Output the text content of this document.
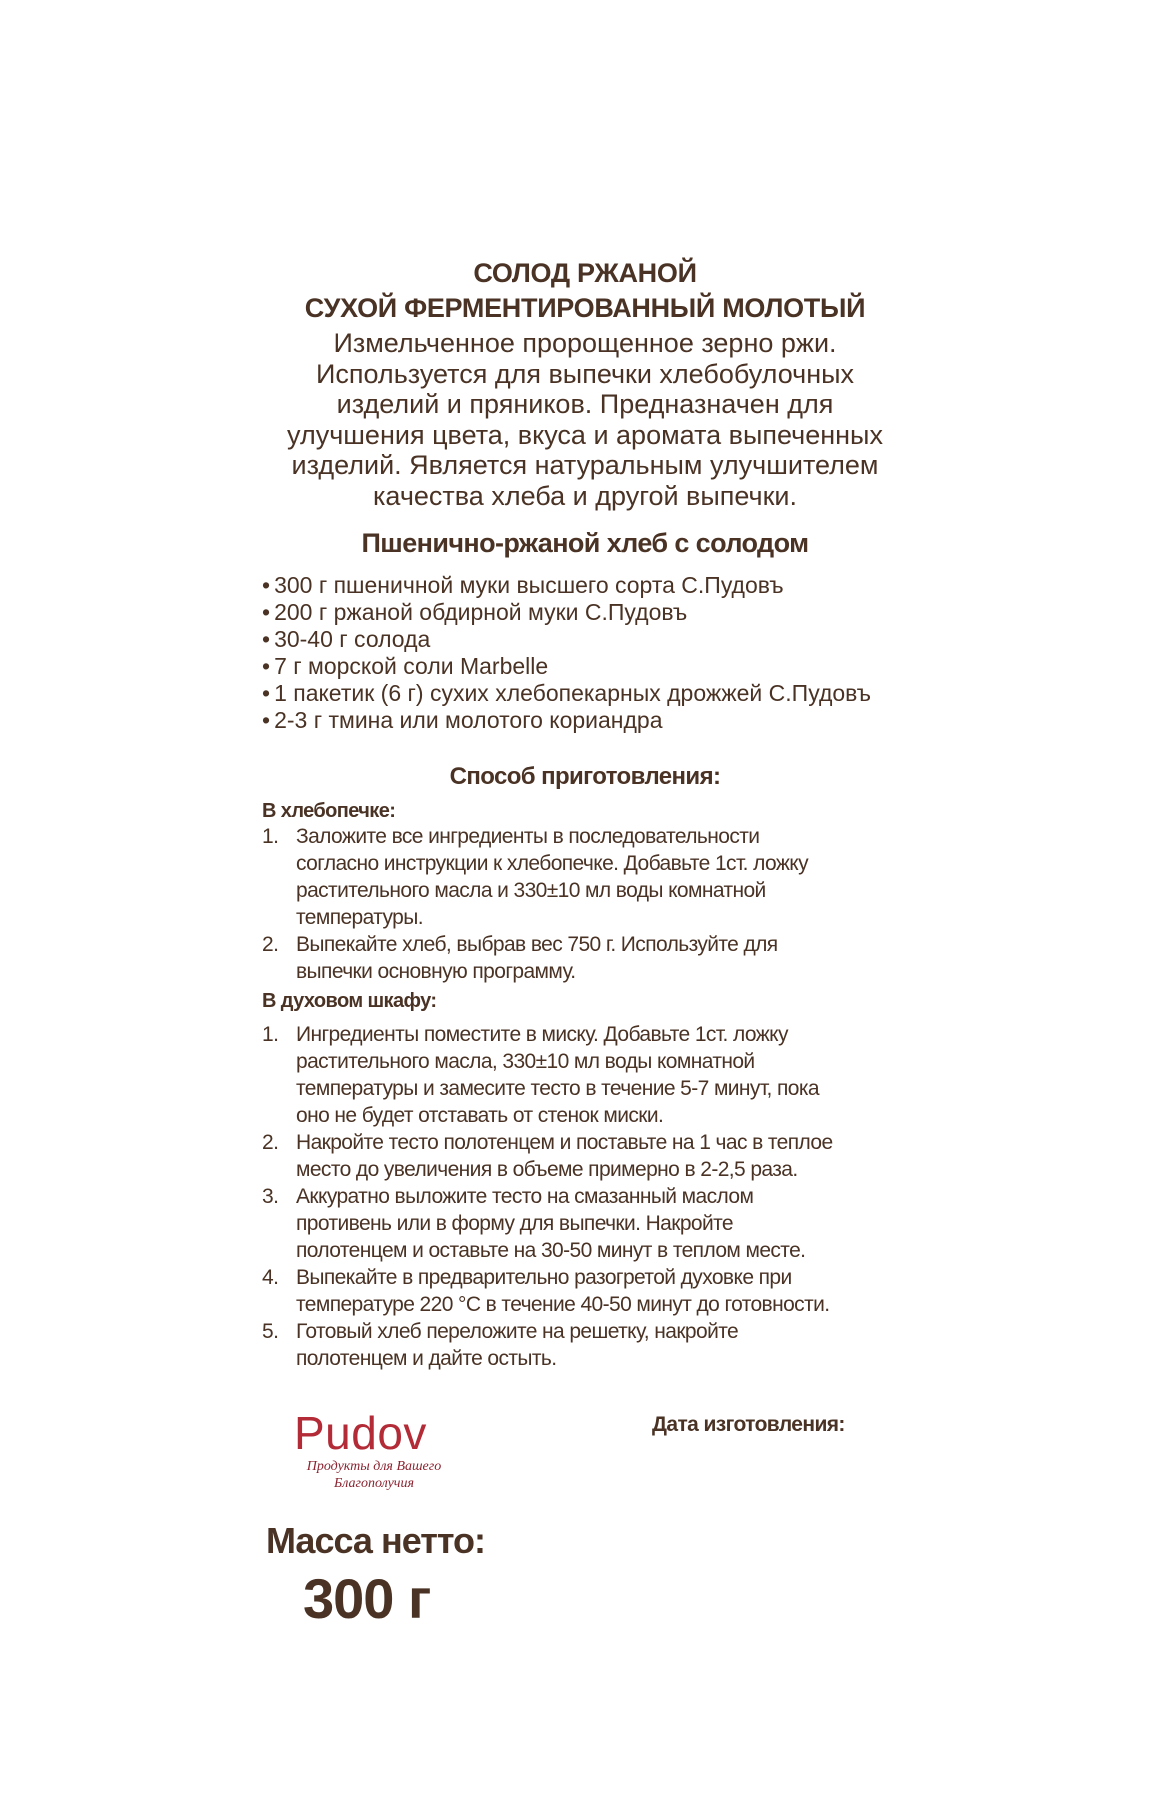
СОЛОД РЖАНОЙ
СУХОЙ ФЕРМЕНТИРОВАННЫЙ МОЛОТЫЙ
Измельченное пророщенное зерно ржи.
Используется для выпечки хлебобулочных
изделий и пряников. Предназначен для
улучшения цвета, вкуса и аромата выпеченных
изделий. Является натуральным улучшителем
качества хлеба и другой выпечки.
Пшенично-ржаной хлеб с солодом
• 300 г пшеничной муки высшего сорта С.Пудовъ
• 200 г ржаной обдирной муки С.Пудовъ
• 30-40 г солода
• 7 г морской соли Marbelle
• 1 пакетик (6 г) сухих хлебопекарных дрожжей С.Пудовъ
• 2-3 г тмина или молотого кориандра
Способ приготовления:
В хлебопечке:
1. Заложите все ингредиенты в последовательности
согласно инструкции к хлебопечке. Добавьте 1ст. ложку
растительного масла и 330±10 мл воды комнатной
температуры.
2. Выпекайте хлеб, выбрав вес 750 г. Используйте для
выпечки основную программу.
В духовом шкафу:
1. Ингредиенты поместите в миску. Добавьте 1ст. ложку
растительного масла, 330±10 мл воды комнатной
температуры и замесите тесто в течение 5-7 минут, пока
оно не будет отставать от стенок миски.
2. Накройте тесто полотенцем и поставьте на 1 час в теплое
место до увеличения в объеме примерно в 2-2,5 раза.
3. Аккуратно выложите тесто на смазанный маслом
противень или в форму для выпечки. Накройте
полотенцем и оставьте на 30-50 минут в теплом месте.
4. Выпекайте в предварительно разогретой духовке при
температуре 220 °С в течение 40-50 минут до готовности.
5. Готовый хлеб переложите на решетку, накройте
полотенцем и дайте остыть.
Pudov
Продукты для Вашего
Благополучия
Дата изготовления:
Масса нетто:
300 г
